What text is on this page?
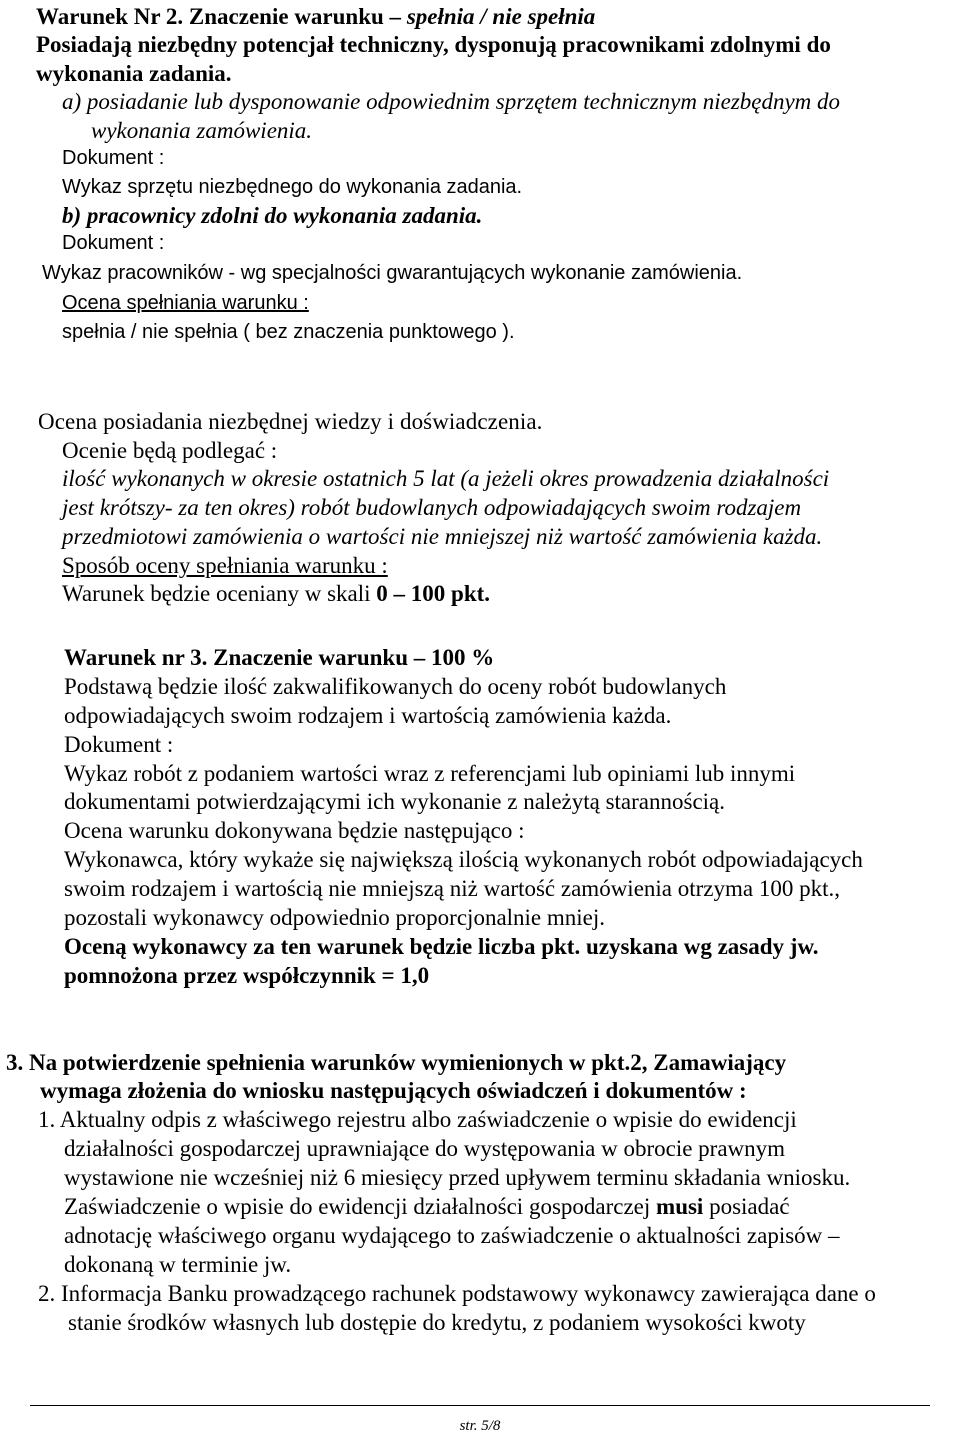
Warunek Nr 2. Znaczenie warunku – spełnia / nie spełnia
Posiadają niezbędny potencjał techniczny, dysponują pracownikami zdolnymi do
wykonania zadania.
a) posiadanie lub dysponowanie odpowiednim sprzętem technicznym niezbędnym do
wykonania zamówienia.
Dokument :
Wykaz sprzętu niezbędnego do wykonania zadania.
b) pracownicy zdolni do wykonania zadania.
Dokument :
Wykaz pracowników - wg specjalności gwarantujących wykonanie zamówienia.
Ocena spełniania warunku :
spełnia / nie spełnia ( bez znaczenia punktowego ).
Ocena posiadania niezbędnej wiedzy i doświadczenia.
Ocenie będą podlegać :
ilość wykonanych w okresie ostatnich 5 lat (a jeżeli okres prowadzenia działalności
jest krótszy- za ten okres) robót budowlanych odpowiadających swoim rodzajem
przedmiotowi zamówienia o wartości nie mniejszej niż wartość zamówienia każda.
Sposób oceny spełniania warunku :
Warunek będzie oceniany w skali 0 – 100 pkt.
Warunek nr 3. Znaczenie warunku – 100 %
Podstawą będzie ilość zakwalifikowanych do oceny robót budowlanych
odpowiadających swoim rodzajem i wartością zamówienia każda.
Dokument :
Wykaz robót z podaniem wartości wraz z referencjami lub opiniami lub innymi
dokumentami potwierdzającymi ich wykonanie z należytą starannością.
Ocena warunku dokonywana będzie następująco :
Wykonawca, który wykaże się największą ilością wykonanych robót odpowiadających
swoim rodzajem i wartością nie mniejszą niż wartość zamówienia otrzyma 100 pkt.,
pozostali wykonawcy odpowiednio proporcjonalnie mniej.
Oceną wykonawcy za ten warunek będzie liczba pkt. uzyskana wg zasady jw.
pomnożona przez współczynnik = 1,0
3. Na potwierdzenie spełnienia warunków wymienionych w pkt.2, Zamawiający
wymaga złożenia do wniosku następujących oświadczeń i dokumentów :
1. Aktualny odpis z właściwego rejestru albo zaświadczenie o wpisie do ewidencji
działalności gospodarczej uprawniające do występowania w obrocie prawnym
wystawione nie wcześniej niż 6 miesięcy przed upływem terminu składania wniosku.
Zaświadczenie o wpisie do ewidencji działalności gospodarczej musi posiadać
adnotację właściwego organu wydającego to zaświadczenie o aktualności zapisów –
dokonaną w terminie jw.
2. Informacja Banku prowadzącego rachunek podstawowy wykonawcy zawierająca dane o
stanie środków własnych lub dostępie do kredytu, z podaniem wysokości kwoty
str. 5/8
